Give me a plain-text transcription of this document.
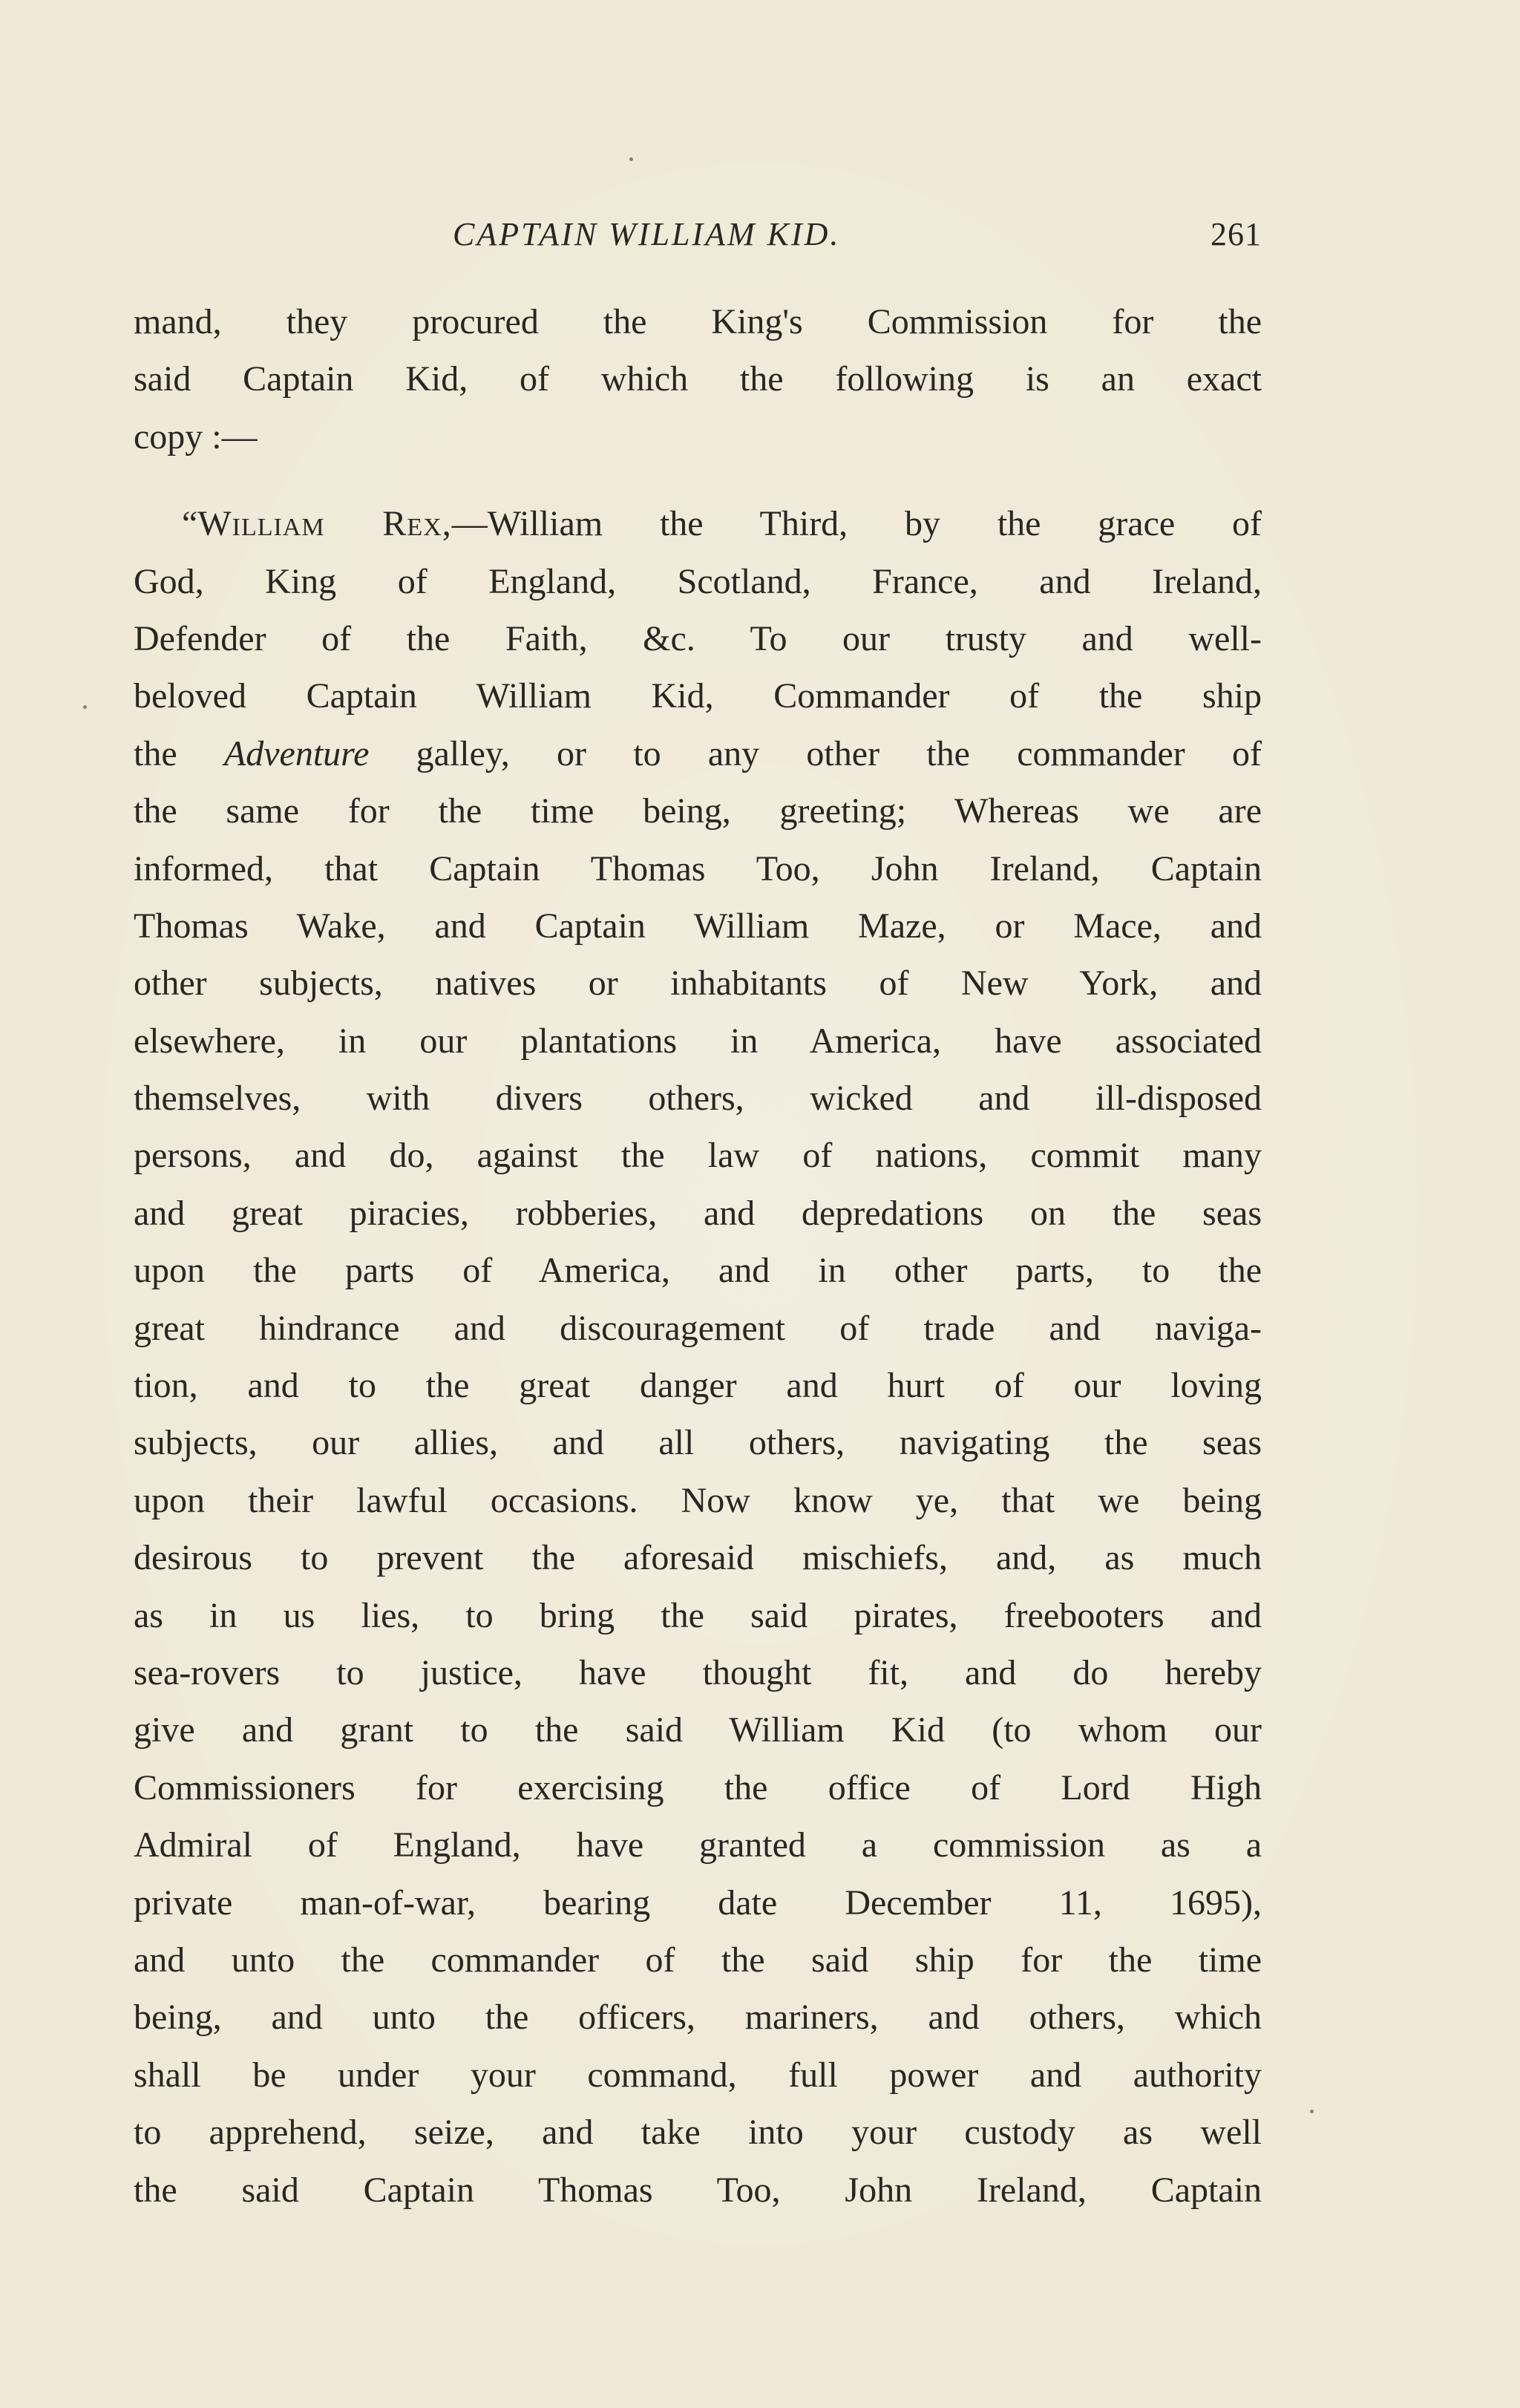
CAPTAIN WILLIAM KID.	261
mand, they procured the King's Commission for the
said Captain Kid, of which the following is an exact
copy :—
“William Rex,—William the Third, by the grace of
God, King of England, Scotland, France, and Ireland,
Defender of the Faith, &c. To our trusty and well-
beloved Captain William Kid, Commander of the ship
the Adventure galley, or to any other the commander of
the same for the time being, greeting; Whereas we are
informed, that Captain Thomas Too, John Ireland, Captain
Thomas Wake, and Captain William Maze, or Mace, and
other subjects, natives or inhabitants of New York, and
elsewhere, in our plantations in America, have associated
themselves, with divers others, wicked and ill-disposed
persons, and do, against the law of nations, commit many
and great piracies, robberies, and depredations on the seas
upon the parts of America, and in other parts, to the
great hindrance and discouragement of trade and naviga-
tion, and to the great danger and hurt of our loving
subjects, our allies, and all others, navigating the seas
upon their lawful occasions. Now know ye, that we being
desirous to prevent the aforesaid mischiefs, and, as much
as in us lies, to bring the said pirates, freebooters and
sea-rovers to justice, have thought fit, and do hereby
give and grant to the said William Kid (to whom our
Commissioners for exercising the office of Lord High
Admiral of England, have granted a commission as a
private man-of-war, bearing date December 11, 1695),
and unto the commander of the said ship for the time
being, and unto the officers, mariners, and others, which
shall be under your command, full power and authority
to apprehend, seize, and take into your custody as well
the said Captain Thomas Too, John Ireland, Captain
